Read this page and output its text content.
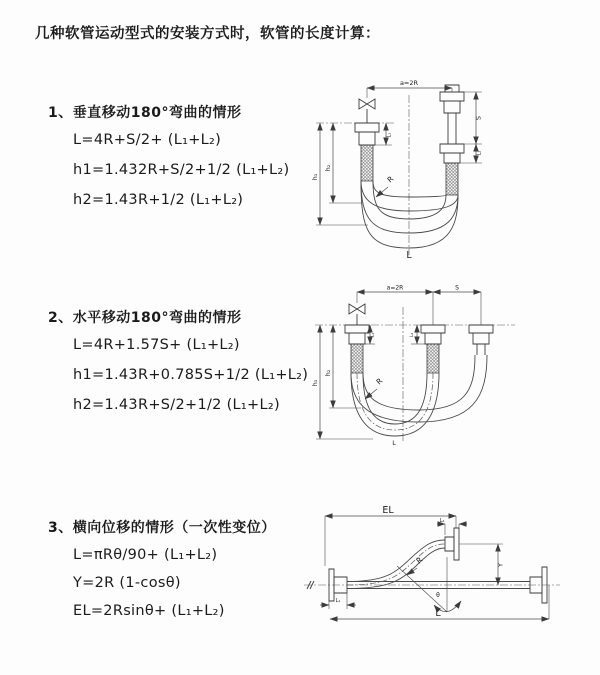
几种软管运动型式的安装方式时，软管的长度计算：
1、垂直移动180°弯曲的情形
L=4R+S/2+ (L₁+L₂)
h1=1.432R+S/2+1/2 (L₁+L₂)
h2=1.43R+1/2 (L₁+L₂)
2、水平移动180°弯曲的情形
L=4R+1.57S+ (L₁+L₂)
h1=1.43R+0.785S+1/2 (L₁+L₂)
h2=1.43R+S/2+1/2 (L₁+L₂)
3、横向位移的情形（一次性变位）
L=πRθ/90+ (L₁+L₂)
Y=2R (1-cosθ)
EL=2Rsinθ+ (L₁+L₂)
a=2R
h₁
h₂
L₁
S
L₂
R
L
a=2R	S
h₁
h₂
L₁	L₂
R
L
EL
L₂
Y
θ
R
L₁
L
